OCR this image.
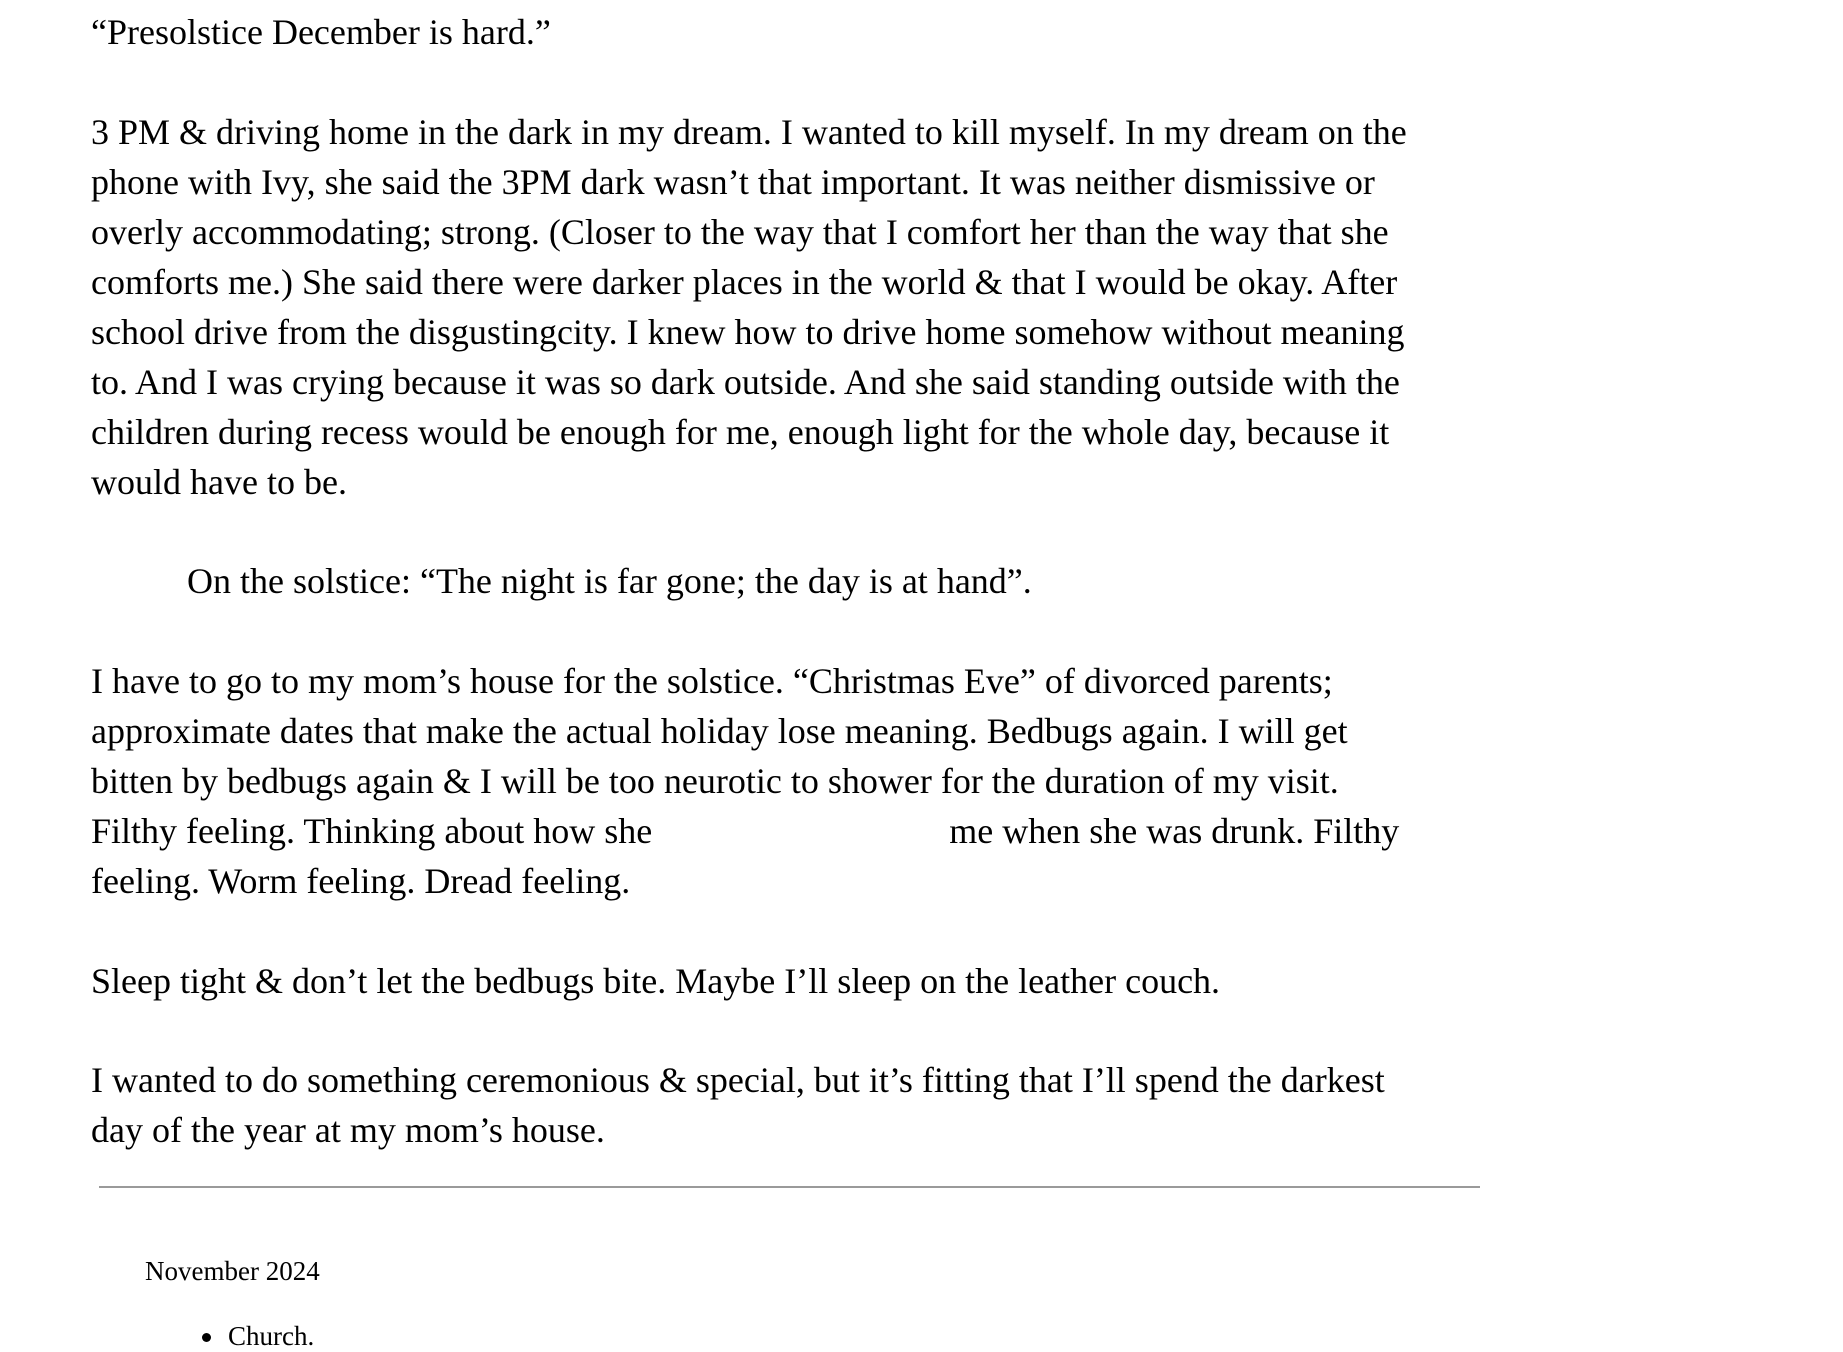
“Presolstice December is hard.”

3 PM & driving home in the dark in my dream. I wanted to kill myself. In my dream on the
phone with Ivy, she said the 3PM dark wasn’t that important. It was neither dismissive or
overly accommodating; strong. (Closer to the way that I comfort her than the way that she
comforts me.) She said there were darker places in the world & that I would be okay. After
school drive from the disgustingcity. I knew how to drive home somehow without meaning
to. And I was crying because it was so dark outside. And she said standing outside with the
children during recess would be enough for me, enough light for the whole day, because it
would have to be.

On the solstice: “The night is far gone; the day is at hand”.

I have to go to my mom’s house for the solstice. “Christmas Eve” of divorced parents;
approximate dates that make the actual holiday lose meaning. Bedbugs again. I will get
bitten by bedbugs again & I will be too neurotic to shower for the duration of my visit.
Filthy feeling. Thinking about how she	me when she was drunk. Filthy
feeling. Worm feeling. Dread feeling.

Sleep tight & don’t let the bedbugs bite. Maybe I’ll sleep on the leather couch.

I wanted to do something ceremonious & special, but it’s fitting that I’ll spend the darkest
day of the year at my mom’s house.

November 2024
Church.
